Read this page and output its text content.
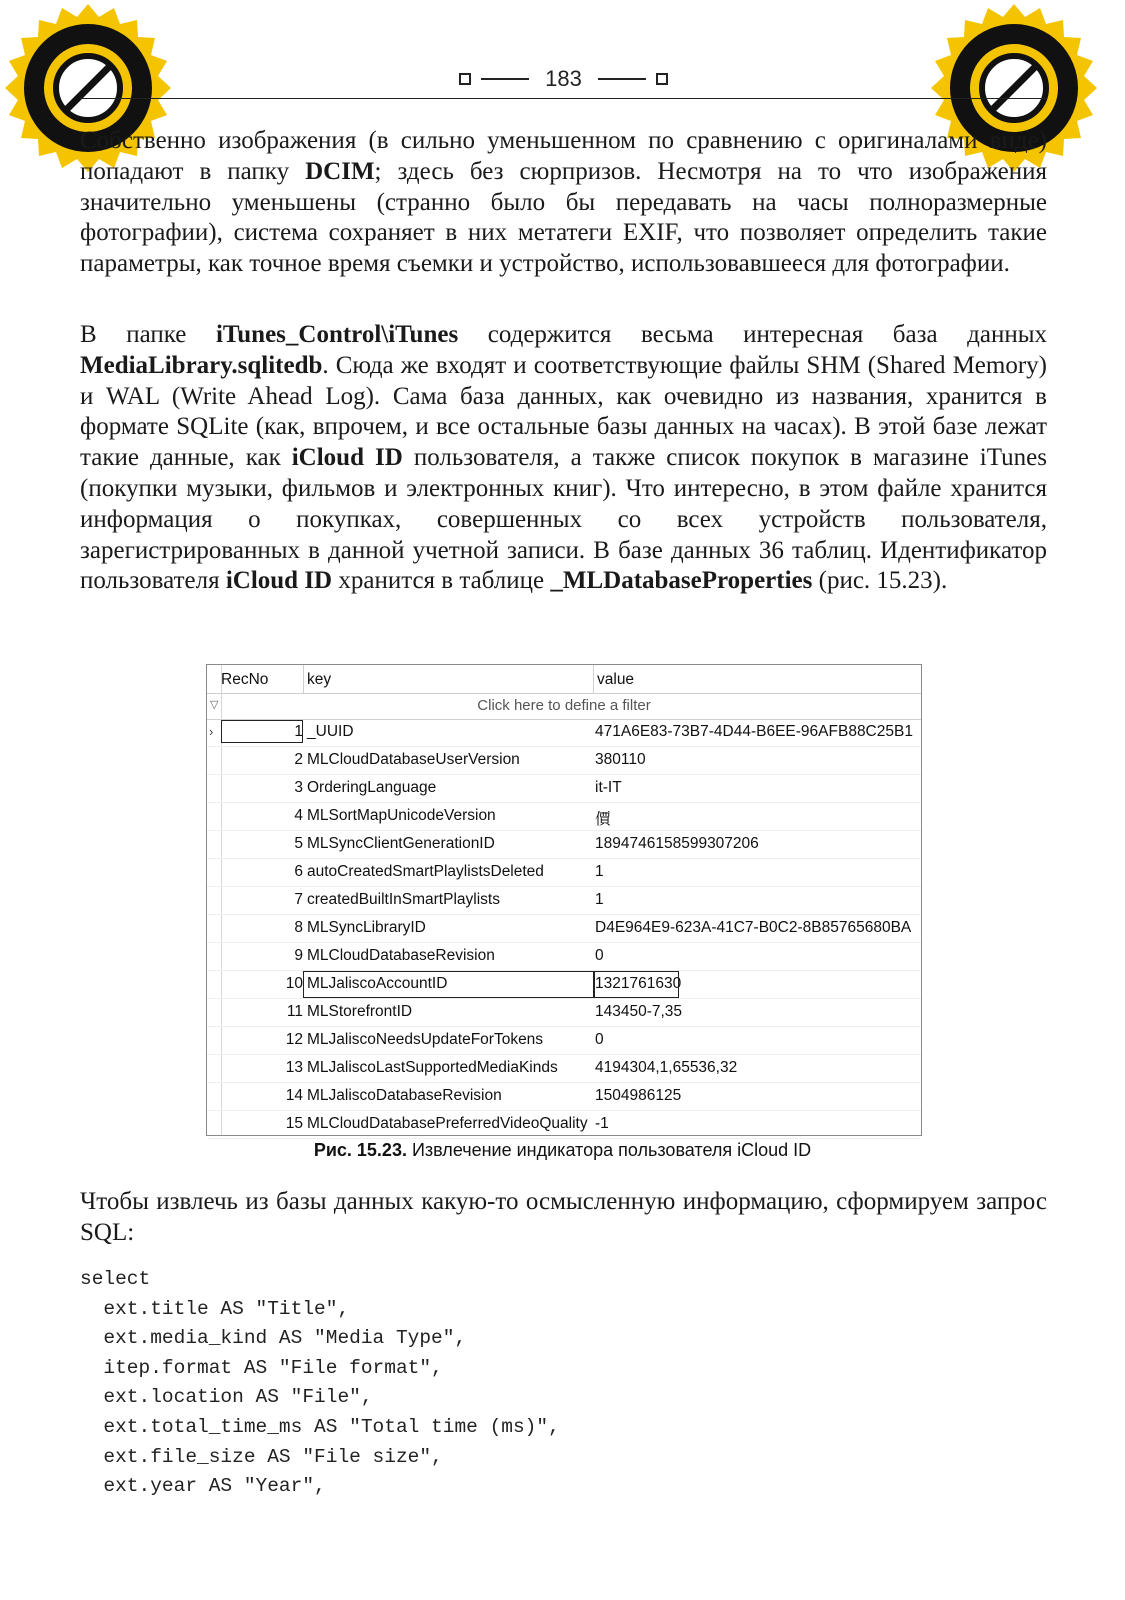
183

Собственно изображения (в сильно уменьшенном по сравнению с оригиналами виде) попадают в папку DCIM; здесь без сюрпризов. Несмотря на то что изображения значительно уменьшены (странно было бы передавать на часы полноразмерные фотографии), система сохраняет в них метатеги EXIF, что позволяет определить такие параметры, как точное время съемки и устройство, использовавшееся для фотографии.

В папке iTunes_Control\iTunes содержится весьма интересная база данных MediaLibrary.sqlitedb. Сюда же входят и соответствующие файлы SHM (Shared Memory) и WAL (Write Ahead Log). Сама база данных, как очевидно из названия, хранится в формате SQLite (как, впрочем, и все остальные базы данных на часах). В этой базе лежат такие данные, как iCloud ID пользователя, а также список покупок в магазине iTunes (покупки музыки, фильмов и электронных книг). Что интересно, в этом файле хранится информация о покупках, совершенных со всех устройств пользователя, зарегистрированных в данной учетной записи. В базе данных 36 таблиц. Идентификатор пользователя iCloud ID хранится в таблице _MLDatabaseProperties (рис. 15.23).

RecNo key	value
▽	Click here to define a filter
›	1 _UUID	471A6E83-73B7-4D44-B6EE-96AFB88C25B1
2 MLCloudDatabaseUserVersion	380110
3 OrderingLanguage	it-IT
4 MLSortMapUnicodeVersion	價
5 MLSyncClientGenerationID	1894746158599307206
6 autoCreatedSmartPlaylistsDeleted	1
7 createdBuiltInSmartPlaylists	1
8 MLSyncLibraryID	D4E964E9-623A-41C7-B0C2-8B85765680BA
9 MLCloudDatabaseRevision	0
10 MLJaliscoAccountID	1321761630
11 MLStorefrontID	143450-7,35
12 MLJaliscoNeedsUpdateForTokens	0
13 MLJaliscoLastSupportedMediaKinds 4194304,1,65536,32
14 MLJaliscoDatabaseRevision	1504986125
15 MLCloudDatabasePreferredVideoQuality -1
Рис. 15.23. Извлечение индикатора пользователя iCloud ID

Чтобы извлечь из базы данных какую-то осмысленную информацию, сформируем запрос SQL:

select
ext.title AS "Title",
ext.media_kind AS "Media Type",
itep.format AS "File format",
ext.location AS "File",
ext.total_time_ms AS "Total time (ms)",
ext.file_size AS "File size",
ext.year AS "Year",
